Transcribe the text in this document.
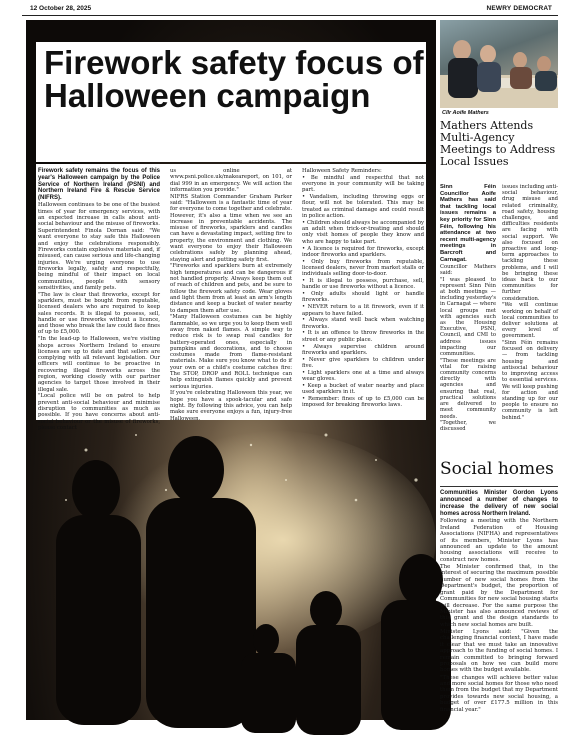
12 October 28, 2025	NEWRY DEMOCRAT
Firework safety focus of Halloween campaign

Firework safety remains the focus of this year's Halloween campaign by the Police Service of Northern Ireland (PSNI) and Northern Ireland Fire & Rescue Service (NIFRS).

Halloween continues to be one of the busiest times of year for emergency services, with an expected increase in calls about anti-social behaviour and the misuse of fireworks.

Superintendent Finola Dornan said: "We want everyone to stay safe this Halloween and enjoy the celebrations responsibly. Fireworks contain explosive materials and, if misused, can cause serious and life-changing injuries. We're urging everyone to use fireworks legally, safely and respectfully, being mindful of their impact on local communities, people with sensory sensitivities, and family pets.

"The law is clear that fireworks, except for sparklers, must be bought from reputable, licensed dealers who are required to keep sales records. It is illegal to possess, sell, handle or use fireworks without a licence, and those who break the law could face fines of up to £5,000.

"In the lead-up to Halloween, we're visiting shops across Northern Ireland to ensure licenses are up to date and that sellers are complying with all relevant legislation. Our officers will continue to be proactive in recovering illegal fireworks across the region, working closely with our partner agencies to target those involved in their illegal sale.

"Local police will be on patrol to help prevent anti-social behaviour and minimise disruption to communities as much as possible. If you have concerns about anti-social behaviour or the misuse of fireworks, please contact

us online at www.psni.police.uk/makeareport, on 101, or dial 999 in an emergency. We will action the information you provide."

NIFRS Station Commander Graham Parker said: "Halloween is a fantastic time of year for everyone to come together and celebrate. However, it's also a time when we see an increase in preventable accidents. The misuse of fireworks, sparklers and candles can have a devastating impact, setting fire to property, the environment and clothing. We want everyone to enjoy their Halloween celebrations safely by planning ahead, staying alert and putting safety first.

"Fireworks and sparklers burn at extremely high temperatures and can be dangerous if not handled properly. Always keep them out of reach of children and pets, and be sure to follow the firework safety code. Wear gloves and light them from at least an arm's length distance and keep a bucket of water nearby to dampen them after use.

"Many Halloween costumes can be highly flammable, so we urge you to keep them well away from naked flames. A simple way to reduce risk is to swap real candles for battery-operated ones, especially in pumpkins and decorations, and to choose costumes made from flame-resistant materials. Make sure you know what to do if your own or a child's costume catches fire: The STOP, DROP and ROLL technique can help extinguish flames quickly and prevent serious injuries.

If you're celebrating Halloween this year, we hope you have a spook-tacular and safe night. By following this advice, you can help make sure everyone enjoys a fun, injury-free Halloween.

Halloween Safety Reminders:

• Be mindful and respectful that not everyone in your community will be taking part.

• Vandalism, including throwing eggs or flour, will not be tolerated. This may be treated as criminal damage and could result in police action.

• Children should always be accompanied by an adult when trick-or-treating and should only visit homes of people they know and who are happy to take part.

• A licence is required for fireworks, except indoor fireworks and sparklers.

• Only buy fireworks from reputable, licensed dealers, never from market stalls or individuals selling door-to-door.

• It is illegal to possess, purchase, sell, handle or use fireworks without a licence.

• Only adults should light or handle fireworks.

• NEVER return to a lit firework, even if it appears to have failed.

• Always stand well back when watching fireworks.

• It is an offence to throw fireworks in the street or any public place.

• Always supervise children around fireworks and sparklers.

• Never give sparklers to children under five.

• Light sparklers one at a time and always wear gloves.

• Keep a bucket of water nearby and place used sparklers in it.

• Remember: fines of up to £5,000 can be imposed for breaking fireworks laws.

Cllr Aoife Mathers
Mathers Attends Multi-Agency Meetings to Address Local Issues

Sinn Féin Councillor Aoife Mathers has said that tackling local issues remains a key priority for Sinn Féin, following his attendance at two recent multi-agency meetings in Barcroft and Carnagat.

Councillor Mathers said:

"I was pleased to represent Sinn Féin at both meetings — including yesterday's in Carnagat — where local groups met with agencies such as the Housing Executive, PSNI, Council, and CMI to address issues impacting our communities.

"These meetings are vital for raising community concerns directly with agencies and ensuring that real, practical solutions are delivered to meet community needs.

"Together, we discussed

issues including anti-social behaviour, drug misuse and related criminality, road safety, housing challenges, and difficulties residents are facing with social support. We also focused on proactive and long-term approaches to tackling these problems, and I will be bringing these ideas back to our communities for further consideration.

"We will continue working on behalf of local communities to deliver solutions at every level of government.

"Sinn Féin remains focused on delivery — from tackling housing and antisocial behaviour to improving access to essential services. We will keep pushing for action and standing up for our people to ensure no community is left behind."

Social homes

Communities Minister Gordon Lyons announced a number of changes to increase the delivery of new social homes across Northern Ireland.

Following a meeting with the Northern Ireland Federation of Housing Associations (NIFHA) and representatives of its members, Minister Lyons has announced an update to the amount housing associations will receive to construct new homes.

The Minister confirmed that, in the interest of securing the maximum possible number of new social homes from the Department's budget, the proportion of grant paid by the Department for Communities for new social housing starts will decrease. For the same purpose the Minister has also announced reviews of this grant and the design standards to which new social homes are built.

Minister Lyons said: "Given the challenging financial context, I have made it clear that we must take an innovative approach to the funding of social homes. I remain committed to bringing forward proposals on how we can build more homes with the budget available.

"These changes will achieve better value and more social homes for those who need them from the budget that my Department provides towards new social housing, a budget of over £177.5 million in this financial year."
